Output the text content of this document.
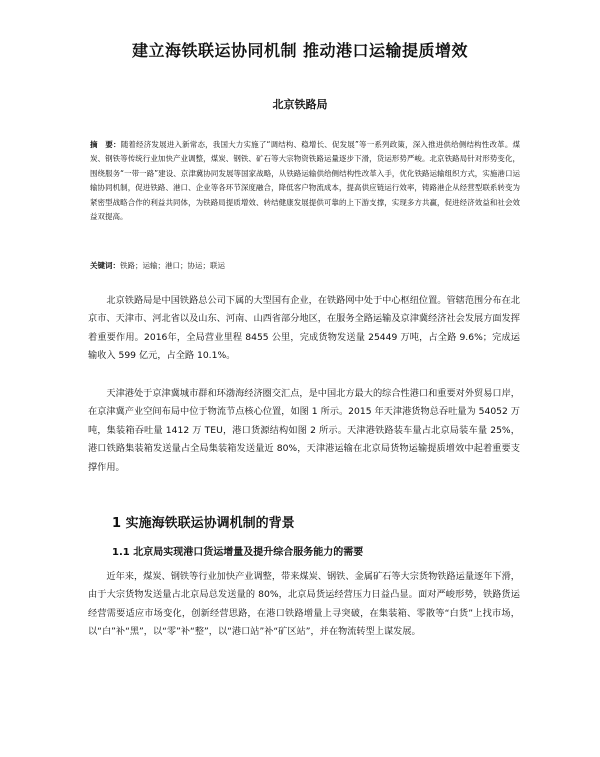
建立海铁联运协同机制 推动港口运输提质增效
北京铁路局

摘　要：随着经济发展进入新常态，我国大力实施了“调结构、稳增长、促发展”等一系列政策，深入推进供给侧结构性改革。煤炭、钢铁等传统行业加快产业调整，煤炭、钢铁、矿石等大宗物资铁路运量逐步下滑，货运形势严峻。北京铁路局针对形势变化，围绕服务“一带一路”建设、京津冀协同发展等国家战略，从铁路运输供给侧结构性改革入手，优化铁路运输组织方式，实施港口运输协同机制，促进铁路、港口、企业等各环节深度融合，降低客户物流成本，提高供应链运行效率，铸路港企从经营型联系转变为紧密型战略合作的利益共同体，为铁路局提质增效、转结健康发展提供可靠的上下游支撑，实现多方共赢，促进经济效益和社会效益双提高。

关键词：铁路；运输；港口；协运；联运

北京铁路局是中国铁路总公司下属的大型国有企业，在铁路网中处于中心枢纽位置。管辖范围分布在北京市、天津市、河北省以及山东、河南、山西省部分地区，在服务全路运输及京津冀经济社会发展方面发挥着重要作用。2016年，全局营业里程 8455 公里，完成货物发送量 25449 万吨，占全路 9.6%；完成运输收入 599 亿元，占全路 10.1%。

天津港处于京津冀城市群和环渤海经济圈交汇点，是中国北方最大的综合性港口和重要对外贸易口岸，在京津冀产业空间布局中位于物流节点核心位置，如图 1 所示。2015 年天津港货物总吞吐量为 54052 万吨，集装箱吞吐量 1412 万 TEU，港口货源结构如图 2 所示。天津港铁路装车量占北京局装车量 25%，港口铁路集装箱发送量占全局集装箱发送量近 80%，天津港运输在北京局货物运输提质增效中起着重要支撑作用。

1 实施海铁联运协调机制的背景
1.1 北京局实现港口货运增量及提升综合服务能力的需要

近年来，煤炭、钢铁等行业加快产业调整，带来煤炭、钢铁、金属矿石等大宗货物铁路运量逐年下滑，由于大宗货物发送量占北京局总发送量的 80%，北京局货运经营压力日益凸显。面对严峻形势，铁路货运经营需要适应市场变化，创新经营思路，在港口铁路增量上寻突破，在集装箱、零散等“白货”上找市场，以“白”补“黑”，以“零”补“整”，以“港口站”补“矿区站”，并在物流转型上谋发展。
